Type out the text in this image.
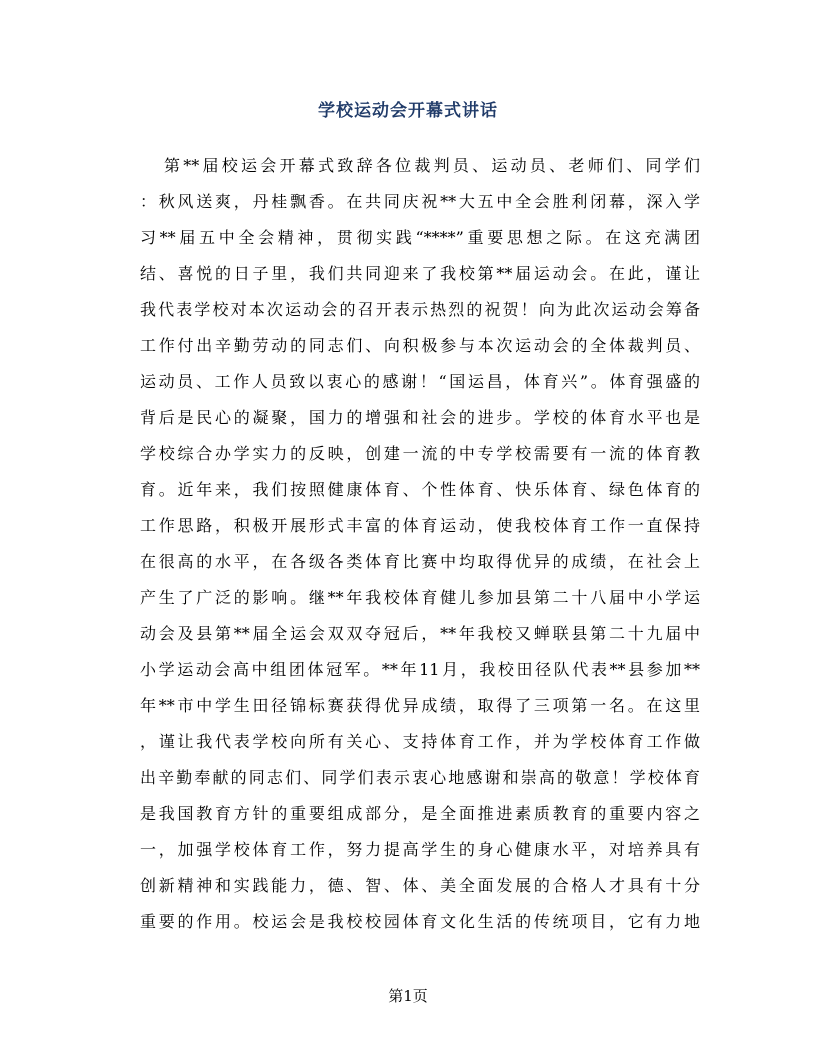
学校运动会开幕式讲话
第**届校运会开幕式致辞各位裁判员、运动员、老师们、同学们
：秋风送爽，丹桂飘香。在共同庆祝**大五中全会胜利闭幕，深入学
习**届五中全会精神，贯彻实践“****”重要思想之际。在这充满团
结、喜悦的日子里，我们共同迎来了我校第**届运动会。在此，谨让
我代表学校对本次运动会的召开表示热烈的祝贺！向为此次运动会筹备
工作付出辛勤劳动的同志们、向积极参与本次运动会的全体裁判员、
运动员、工作人员致以衷心的感谢！“国运昌，体育兴”。体育强盛的
背后是民心的凝聚，国力的增强和社会的进步。学校的体育水平也是
学校综合办学实力的反映，创建一流的中专学校需要有一流的体育教
育。近年来，我们按照健康体育、个性体育、快乐体育、绿色体育的
工作思路，积极开展形式丰富的体育运动，使我校体育工作一直保持
在很高的水平，在各级各类体育比赛中均取得优异的成绩，在社会上
产生了广泛的影响。继**年我校体育健儿参加县第二十八届中小学运
动会及县第**届全运会双双夺冠后，**年我校又蝉联县第二十九届中
小学运动会高中组团体冠军。**年11月，我校田径队代表**县参加**
年**市中学生田径锦标赛获得优异成绩，取得了三项第一名。在这里
，谨让我代表学校向所有关心、支持体育工作，并为学校体育工作做
出辛勤奉献的同志们、同学们表示衷心地感谢和崇高的敬意！学校体育
是我国教育方针的重要组成部分，是全面推进素质教育的重要内容之
一，加强学校体育工作，努力提高学生的身心健康水平，对培养具有
创新精神和实践能力，德、智、体、美全面发展的合格人才具有十分
重要的作用。校运会是我校校园体育文化生活的传统项目，它有力地
第1页
